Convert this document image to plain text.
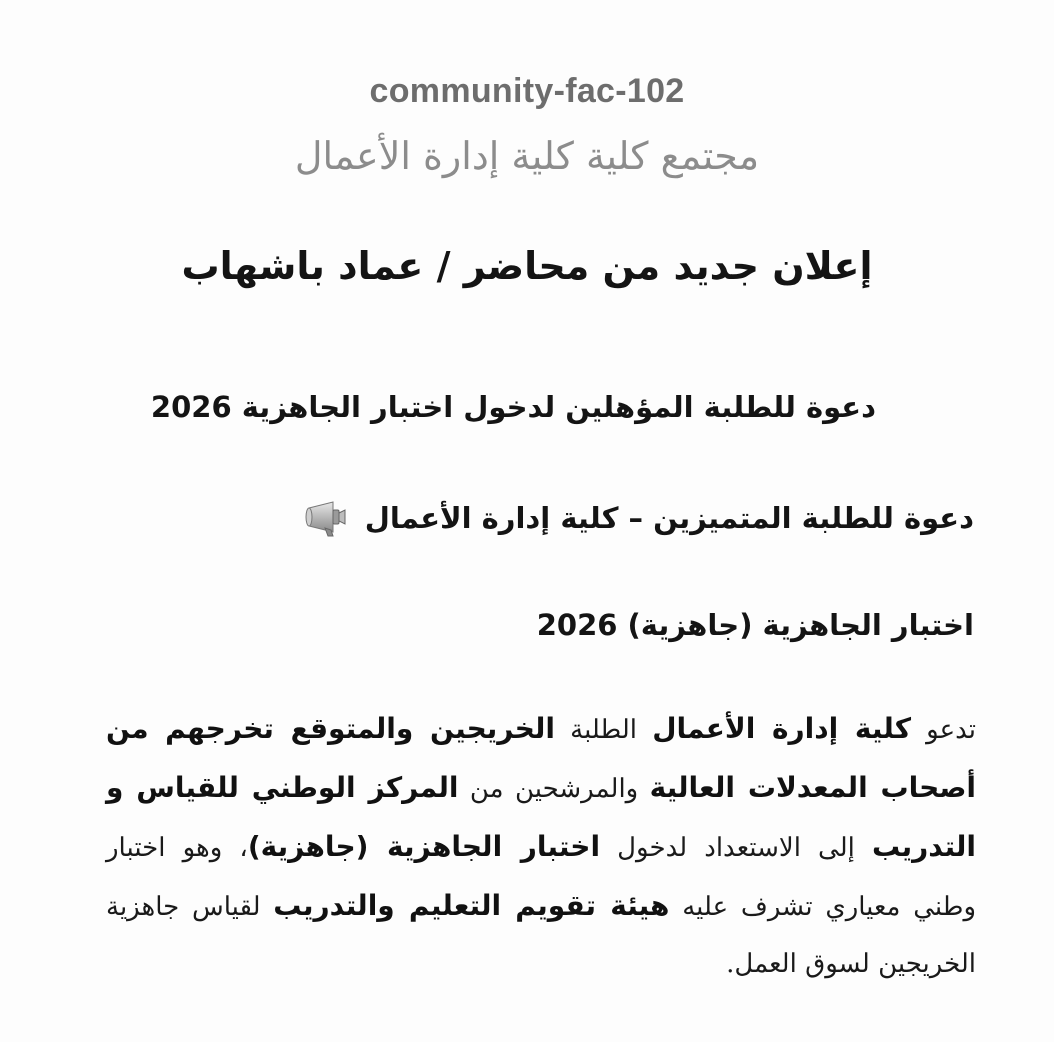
community-fac-102
مجتمع كلية كلية إدارة الأعمال
إعلان جديد من محاضر / عماد باشهاب
دعوة للطلبة المؤهلين لدخول اختبار الجاهزية 2026
دعوة للطلبة المتميزين – كلية إدارة الأعمال
اختبار الجاهزية (جاهزية) 2026
تدعو كلية إدارة الأعمال الطلبة الخريجين والمتوقع تخرجهم من أصحاب المعدلات العالية والمرشحين من المركز الوطني للقياس و التدريب إلى الاستعداد لدخول اختبار الجاهزية (جاهزية)، وهو اختبار وطني معياري تشرف عليه هيئة تقويم التعليم والتدريب لقياس جاهزية الخريجين لسوق العمل.
